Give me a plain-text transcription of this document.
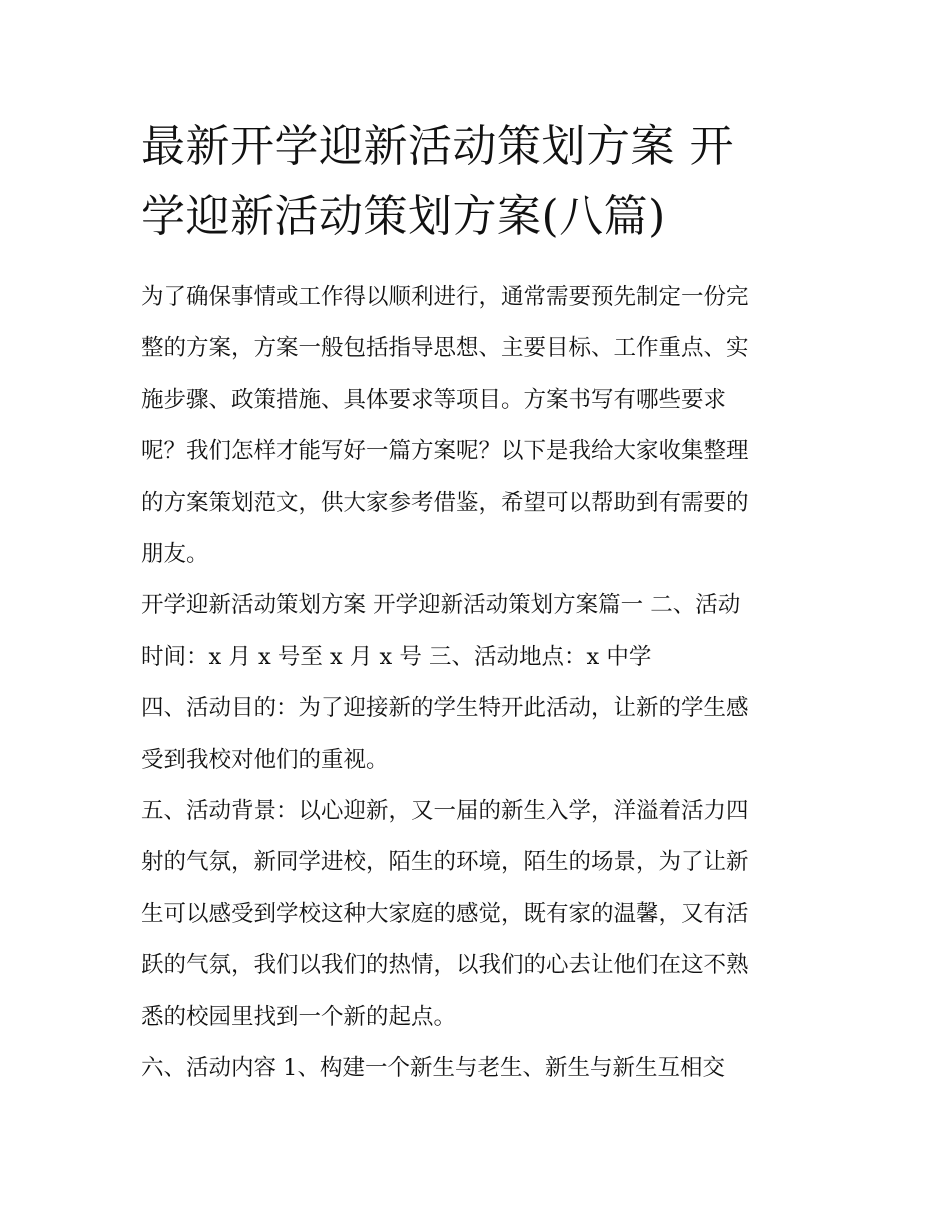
最新开学迎新活动策划方案 开
学迎新活动策划方案(八篇)

为了确保事情或工作得以顺利进行，通常需要预先制定一份完
整的方案，方案一般包括指导思想、主要目标、工作重点、实
施步骤、政策措施、具体要求等项目。方案书写有哪些要求
呢？我们怎样才能写好一篇方案呢？以下是我给大家收集整理
的方案策划范文，供大家参考借鉴，希望可以帮助到有需要的
朋友。

开学迎新活动策划方案 开学迎新活动策划方案篇一 二、活动
时间：x 月 x 号至 x 月 x 号 三、活动地点：x 中学

四、活动目的：为了迎接新的学生特开此活动，让新的学生感
受到我校对他们的重视。

五、活动背景：以心迎新，又一届的新生入学，洋溢着活力四
射的气氛，新同学进校，陌生的环境，陌生的场景，为了让新
生可以感受到学校这种大家庭的感觉，既有家的温馨，又有活
跃的气氛，我们以我们的热情，以我们的心去让他们在这不熟
悉的校园里找到一个新的起点。

六、活动内容 1、构建一个新生与老生、新生与新生互相交
